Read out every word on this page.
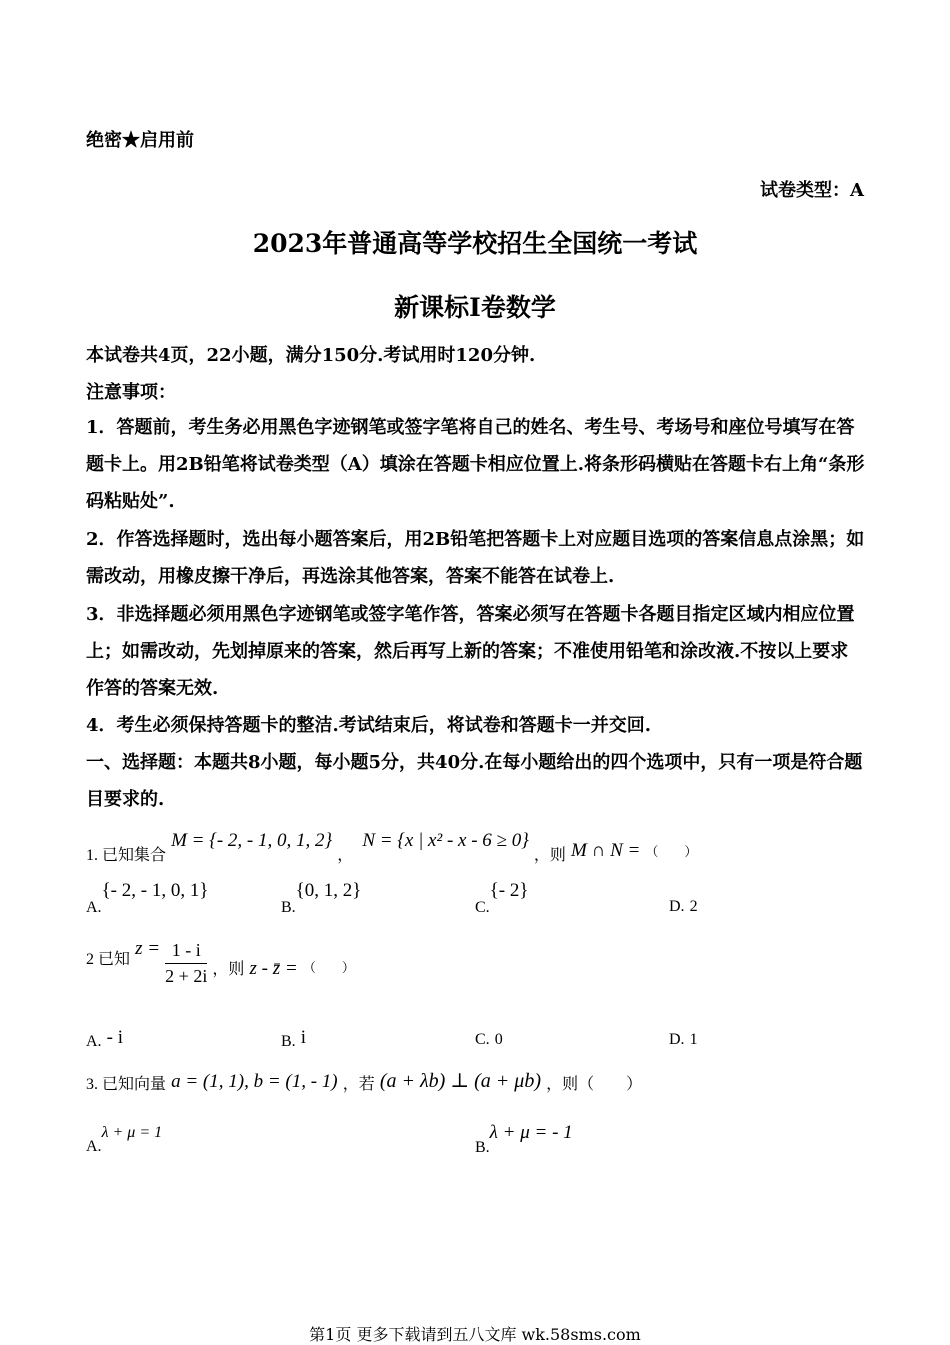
绝密★启用前
试卷类型：A
2023年普通高等学校招生全国统一考试
新课标Ⅰ卷数学
本试卷共4页，22小题，满分150分.考试用时120分钟.
注意事项：
1．答题前，考生务必用黑色字迹钢笔或签字笔将自己的姓名、考生号、考场号和座位号填写在答题卡上。用2B铅笔将试卷类型（A）填涂在答题卡相应位置上.将条形码横贴在答题卡右上角“条形码粘贴处”.
2．作答选择题时，选出每小题答案后，用2B铅笔把答题卡上对应题目选项的答案信息点涂黑；如需改动，用橡皮擦干净后，再选涂其他答案，答案不能答在试卷上.
3．非选择题必须用黑色字迹钢笔或签字笔作答，答案必须写在答题卡各题目指定区域内相应位置上；如需改动，先划掉原来的答案，然后再写上新的答案；不准使用铅笔和涂改液.不按以上要求作答的答案无效.
4．考生必须保持答题卡的整洁.考试结束后，将试卷和答题卡一并交回.
一、选择题：本题共8小题，每小题5分，共40分.在每小题给出的四个选项中，只有一项是符合题目要求的.
1. 已知集合 M = {- 2, - 1, 0, 1, 2} ， N = {x | x² - x - 6 ≥ 0} ，则 M ∩ N = $_{( )}$
A.{- 2, - 1, 0, 1}
B.{0, 1, 2}
C.{- 2}
D. 2
2 已知 $z = \frac{1 - i}{2 + 2i}$ ，则 z - z̄ = $_{( )}$
A. - i	B. i	C. 0	D. 1
3. 已知向量 a = (1, 1), b = (1, - 1) ，若 (a + λb) ⊥ (a + μb) ，则（　　）
A.λ + μ = 1
B.λ + μ = - 1
第1页 更多下载请到五八文库 wk.58sms.com
